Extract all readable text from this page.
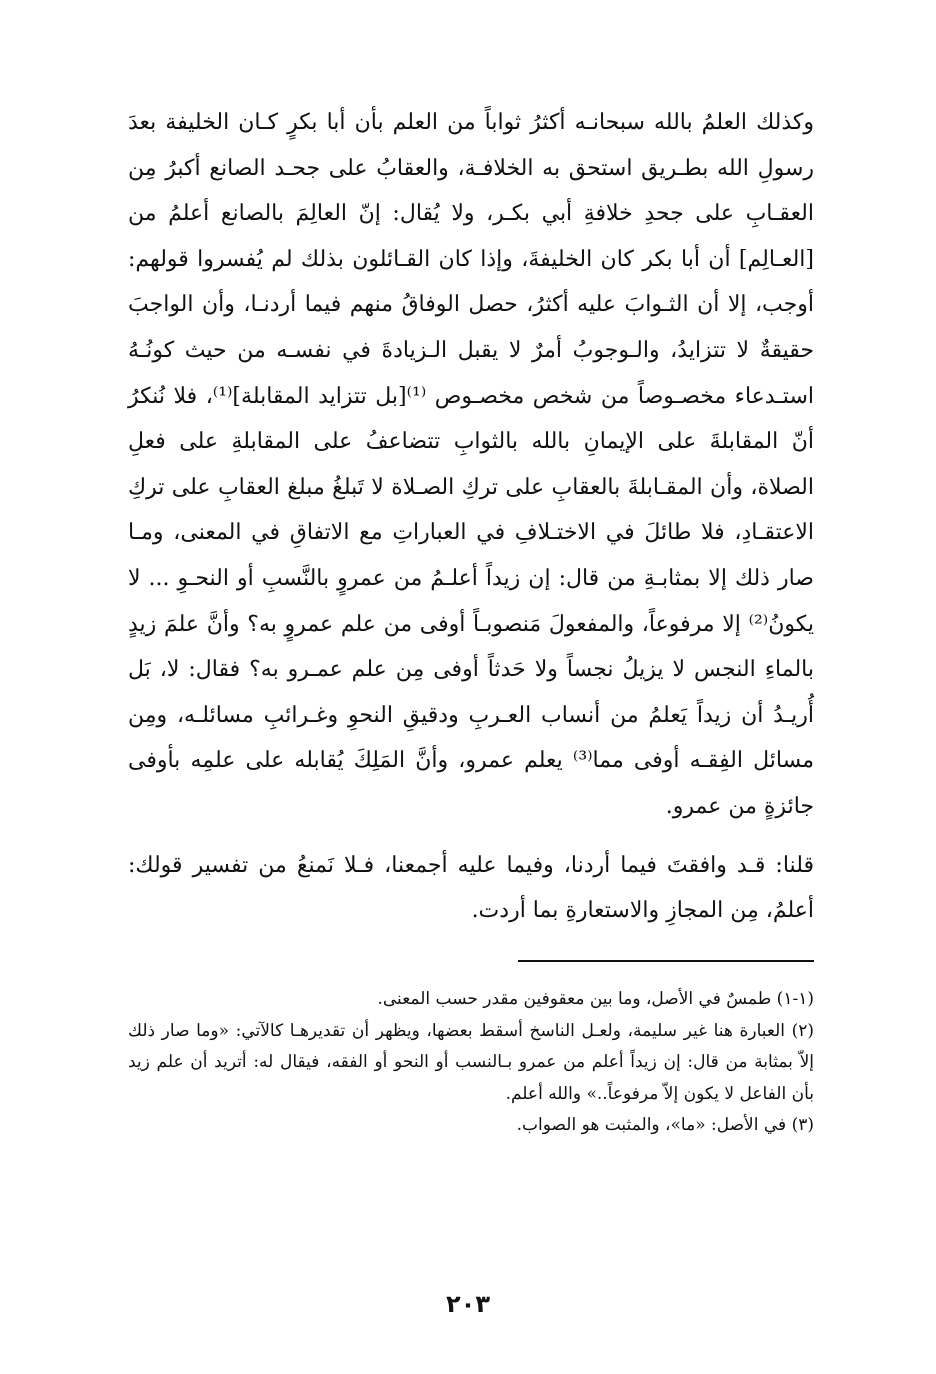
وكذلك العلمُ بالله سبحانـه أكثرُ ثواباً من العلم بأن أبا بكرٍ كـان الخليفة بعدَ رسولِ الله بطـريق استحق به الخلافـة، والعقابُ على جحـد الصانع أكبرُ مِن العقـابِ على جحدِ خلافةِ أبي بكـر، ولا يُقال: إنّ العالِمَ بالصانع أعلمُ من [العـالِم] أن أبا بكر كان الخليفةَ، وإذا كان القـائلون بذلك لم يُفسروا قولهم: أوجب، إلا أن الثـوابَ عليه أكثرُ، حصل الوفاقُ منهم فيما أردنـا، وأن الواجبَ حقيقةٌ لا تتزايدُ، والـوجوبُ أمرٌ لا يقبل الـزيادةَ في نفسـه من حيث كونُـهُ استـدعاء مخصـوصاً من شخص مخصـوص ⁽¹⁾[بل تتزايد المقابلة]⁽¹⁾، فلا نُنكرُ أنّ المقابلةَ على الإيمانِ بالله بالثوابِ تتضاعفُ على المقابلةِ على فعلِ الصلاة، وأن المقـابلةَ بالعقابِ على تركِ الصـلاة لا تَبلغُ مبلغ العقابِ على تركِ الاعتقـادِ، فلا طائلَ في الاختـلافِ في العباراتِ مع الاتفاقِ في المعنى، ومـا صار ذلك إلا بمثابـةِ من قال: إن زيداً أعلـمُ من عمروٍ بالنَّسبِ أو النحـوِ ... لا يكونُ⁽²⁾ إلا مرفوعاً، والمفعولَ مَنصوبـاً أوفى من علم عمروٍ به؟ وأنَّ علمَ زيدٍ بالماءِ النجس لا يزيلُ نجساً ولا حَدثاً أوفى مِن علم عمـرو به؟ فقال: لا، بَل أُريـدُ أن زيداً يَعلمُ من أنساب العـربِ ودقيقِ النحوِ وغـرائبِ مسائلـه، ومِن مسائل الفِقـه أوفى مما⁽³⁾ يعلم عمرو، وأنَّ المَلِكَ يُقابله على علمِه بأوفى جائزةٍ من عمرو.

قلنا: قـد وافقتَ فيما أردنا، وفيما عليه أجمعنا، فـلا نَمنعُ من تفسير قولك: أعلمُ، مِن المجازِ والاستعارةِ بما أردت.

(١-١) طمسٌ في الأصل، وما بين معقوفين مقدر حسب المعنى.

(٢) العبارة هنا غير سليمة، ولعـل الناسخ أسقط بعضها، ويظهر أن تقديرهـا كالآتي: «وما صار ذلك إلاّ بمثابة من قال: إن زيداً أعلم من عمرو بـالنسب أو النحو أو الفقه، فيقال له: أتريد أن علم زيد بأن الفاعل لا يكون إلاّ مرفوعاً..» والله أعلم.

(٣) في الأصل: «ما»، والمثبت هو الصواب.

٢٠٣
